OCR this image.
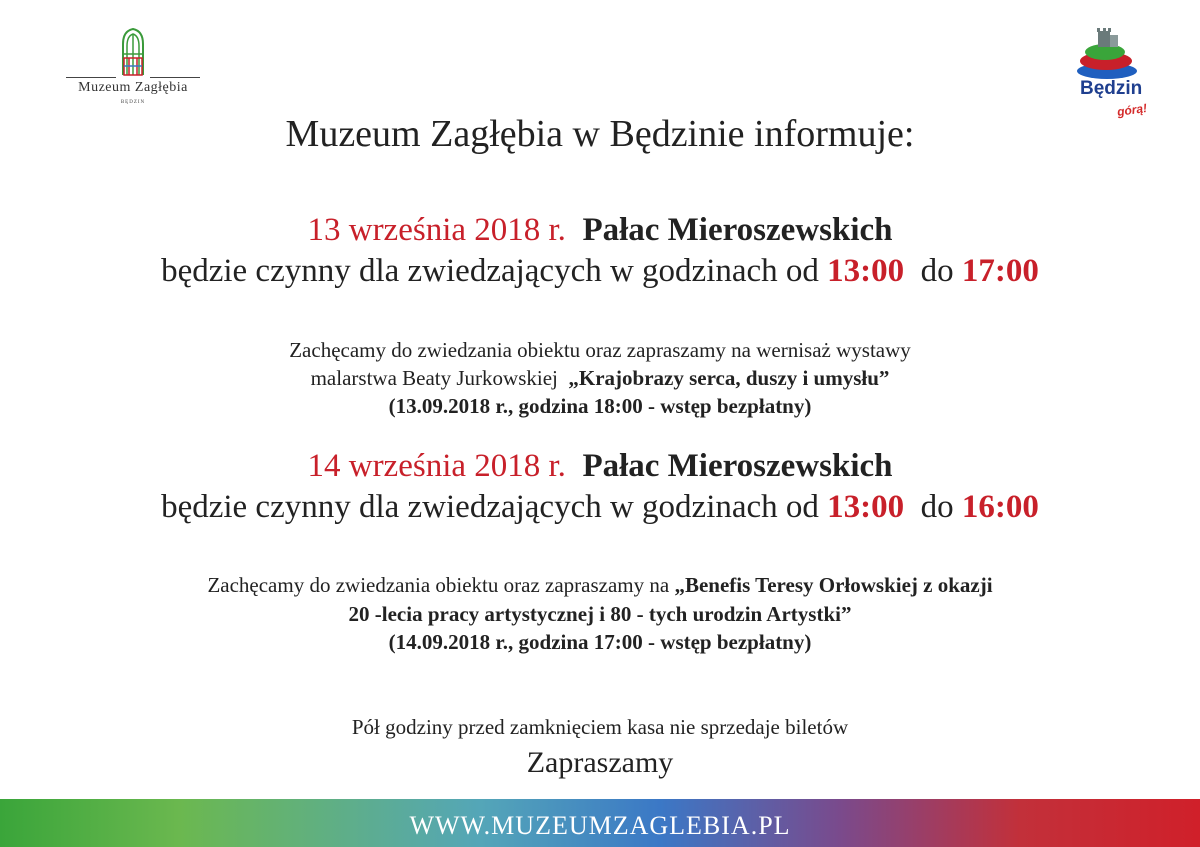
Muzeum Zagłębia
BĘDZIN
Będzin
górą!
Muzeum Zagłębia w Będzinie informuje:
13 września 2018 r. Pałac Mieroszewskich
będzie czynny dla zwiedzających w godzinach od 13:00 do 17:00
Zachęcamy do zwiedzania obiektu oraz zapraszamy na wernisaż wystawy
malarstwa Beaty Jurkowskiej „Krajobrazy serca, duszy i umysłu”
(13.09.2018 r., godzina 18:00 - wstęp bezpłatny)
14 września 2018 r. Pałac Mieroszewskich
będzie czynny dla zwiedzających w godzinach od 13:00 do 16:00
Zachęcamy do zwiedzania obiektu oraz zapraszamy na „Benefis Teresy Orłowskiej z okazji
20 -lecia pracy artystycznej i 80 - tych urodzin Artystki”
(14.09.2018 r., godzina 17:00 - wstęp bezpłatny)
Pół godziny przed zamknięciem kasa nie sprzedaje biletów
Zapraszamy
WWW.MUZEUMZAGLEBIA.PL
